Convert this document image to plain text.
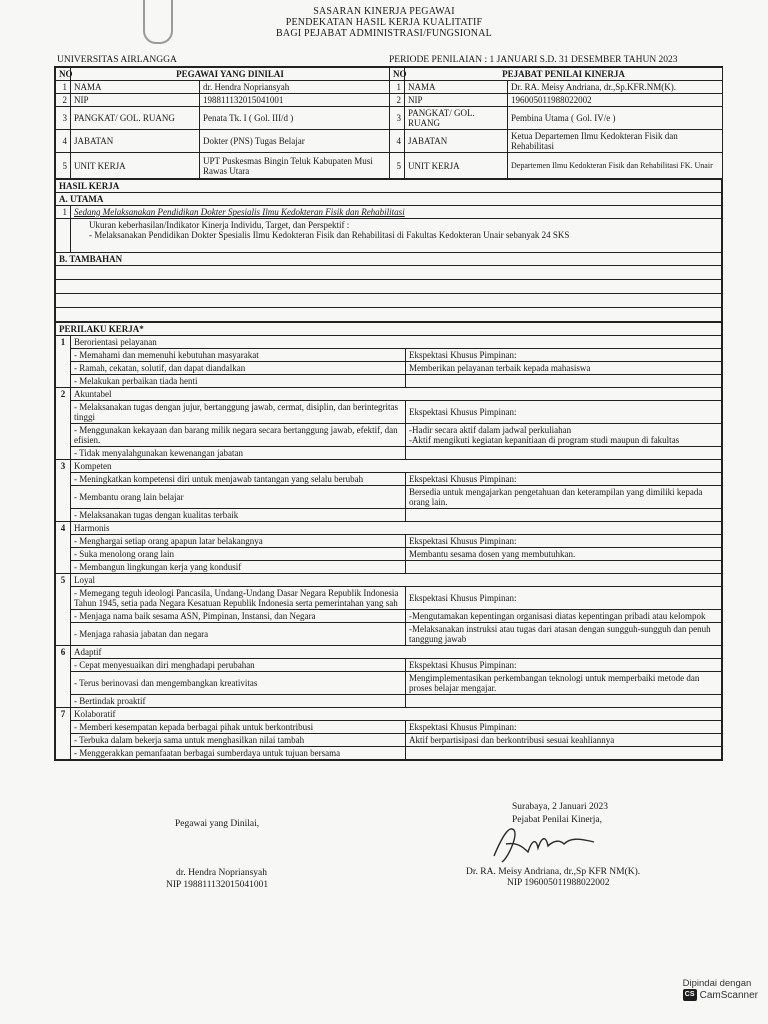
SASARAN KINERJA PEGAWAI
PENDEKATAN HASIL KERJA KUALITATIF
BAGI PEJABAT ADMINISTRASI/FUNGSIONAL
UNIVERSITAS AIRLANGGA	PERIODE PENILAIAN : 1 JANUARI S.D. 31 DESEMBER TAHUN 2023
NO	PEGAWAI YANG DINILAI		NO	PEJABAT PENILAI KINERJA	
1	NAMA	dr. Hendra Nopriansyah	1	NAMA	Dr. RA. Meisy Andriana, dr.,Sp.KFR.NM(K).
2	NIP	198811132015041001	2	NIP	196005011988022002
3	PANGKAT/ GOL. RUANG	Penata Tk. I ( Gol. III/d )	3	PANGKAT/ GOL. RUANG	Pembina Utama ( Gol. IV/e )
4	JABATAN	Dokter (PNS) Tugas Belajar	4	JABATAN	Ketua Departemen Ilmu Kedokteran Fisik dan Rehabilitasi
5	UNIT KERJA	UPT Puskesmas Bingin Teluk Kabupaten Musi Rawas Utara	5	UNIT KERJA	Departemen Ilmu Kedokteran Fisik dan Rehabilitasi FK. Unair
HASIL KERJA	
A. UTAMA	
1	Sedang Melaksanakan Pendidikan Dokter Spesialis Ilmu Kedokteran Fisik dan Rehabilitasi

	Ukuran keberhasilan/Indikator Kinerja Individu, Target, dan Perspektif :
- Melaksanakan Pendidikan Dokter Spesialis Ilmu Kedokteran Fisik dan Rehabilitasi di Fakultas Kedokteran Unair sebanyak 24 SKS

B. TAMBAHAN	

PERILAKU KERJA*		
1	Berorientasi pelayanan	
	- Memahami dan memenuhi kebutuhan masyarakat	Ekspektasi Khusus Pimpinan:
	- Ramah, cekatan, solutif, dan dapat diandalkan	Memberikan pelayanan terbaik kepada mahasiswa
	- Melakukan perbaikan tiada henti	
2	Akuntabel	
	- Melaksanakan tugas dengan jujur, bertanggung jawab, cermat, disiplin, dan berintegritas tinggi	Ekspektasi Khusus Pimpinan:
	- Menggunakan kekayaan dan barang milik negara secara bertanggung jawab, efektif, dan efisien.	-Hadir secara aktif dalam jadwal perkuliahan
-Aktif mengikuti kegiatan kepanitiaan di program studi maupun di fakultas
	- Tidak menyalahgunakan kewenangan jabatan	
3	Kompeten	
	- Meningkatkan kompetensi diri untuk menjawab tantangan yang selalu berubah	Ekspektasi Khusus Pimpinan:
	- Membantu orang lain belajar	Bersedia untuk mengajarkan pengetahuan dan keterampilan yang dimiliki kepada orang lain.
	- Melaksanakan tugas dengan kualitas terbaik	
4	Harmonis	
	- Menghargai setiap orang apapun latar belakangnya	Ekspektasi Khusus Pimpinan:
	- Suka menolong orang lain	Membantu sesama dosen yang membutuhkan.
	- Membangun lingkungan kerja yang kondusif	
5	Loyal	
	- Memegang teguh ideologi Pancasila, Undang-Undang Dasar Negara Republik Indonesia Tahun 1945, setia pada Negara Kesatuan Republik Indonesia serta pemerintahan yang sah	Ekspektasi Khusus Pimpinan:
	- Menjaga nama baik sesama ASN, Pimpinan, Instansi, dan Negara	-Mengutamakan kepentingan organisasi diatas kepentingan pribadi atau kelompok
	- Menjaga rahasia jabatan dan negara	-Melaksanakan instruksi atau tugas dari atasan dengan sungguh-sungguh dan penuh tanggung jawab
6	Adaptif	
	- Cepat menyesuaikan diri menghadapi perubahan	Ekspektasi Khusus Pimpinan:
	- Terus berinovasi dan mengembangkan kreativitas	Mengimplementasikan perkembangan teknologi untuk memperbaiki metode dan proses belajar mengajar.
	- Bertindak proaktif	
7	Kolaboratif	
	- Memberi kesempatan kepada berbagai pihak untuk berkontribusi	Ekspektasi Khusus Pimpinan:
	- Terbuka dalam bekerja sama untuk menghasilkan nilai tambah	Aktif berpartisipasi dan berkontribusi sesuai keahliannya
	- Menggerakkan pemanfaatan berbagai sumberdaya untuk tujuan bersama	
Pegawai yang Dinilai,
dr. Hendra Nopriansyah
NIP 198811132015041001
Surabaya, 2 Januari 2023
Pejabat Penilai Kinerja,
Dr. RA. Meisy Andriana, dr.,Sp KFR NM(K).
NIP 196005011988022002
Dipindai dengan
CS CamScanner
